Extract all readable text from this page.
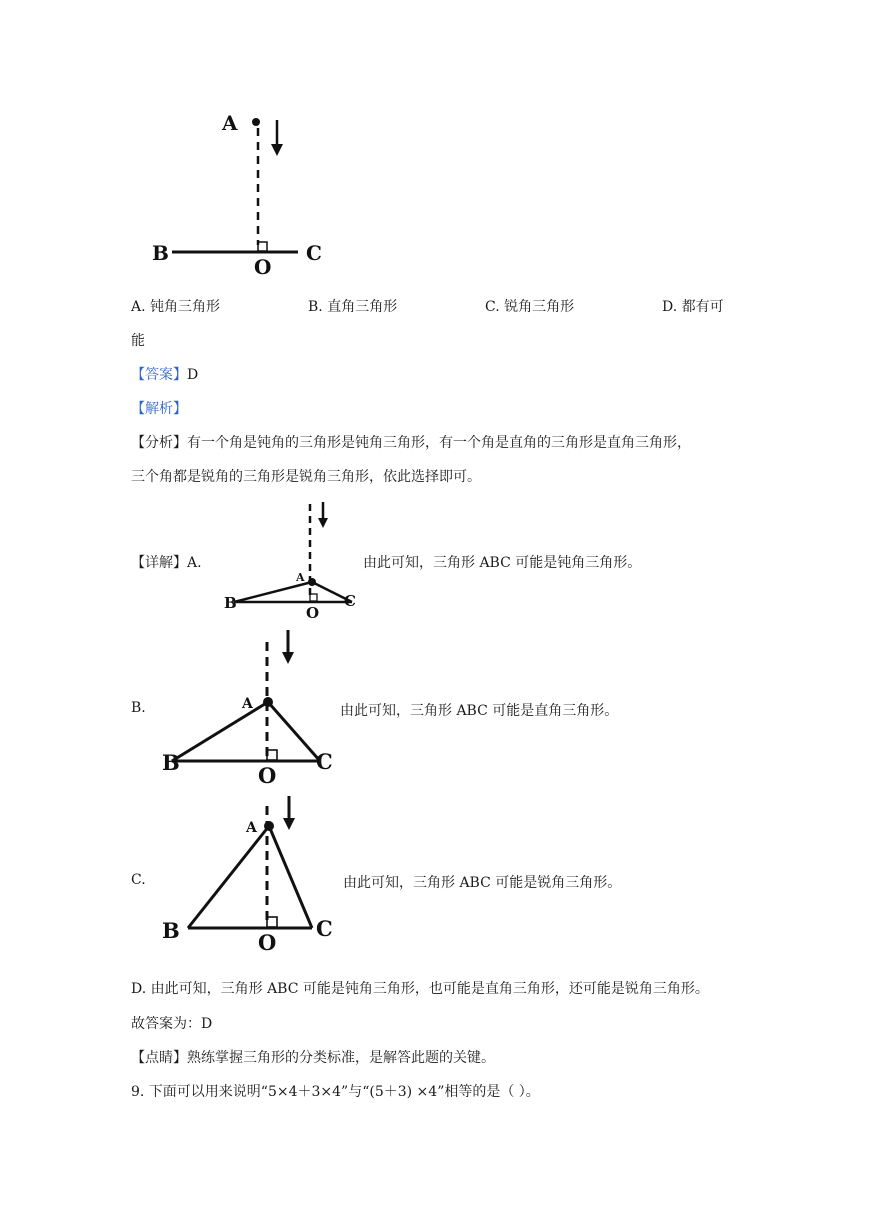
A
B	C
O
A. 钝角三角形	B. 直角三角形	C. 锐角三角形	D. 都有可
能
【答案】D
【解析】
【分析】有一个角是钝角的三角形是钝角三角形，有一个角是直角的三角形是直角三角形，
三个角都是锐角的三角形是锐角三角形，依此选择即可。
【详解】A.
A
B	C
O
由此可知，三角形 ABC 可能是钝角三角形。
B.	A
B	C
O
由此可知，三角形 ABC 可能是直角三角形。
C.
A
B	C
O
由此可知，三角形 ABC 可能是锐角三角形。
D. 由此可知，三角形 ABC 可能是钝角三角形，也可能是直角三角形，还可能是锐角三角形。
故答案为：D
【点睛】熟练掌握三角形的分类标准，是解答此题的关键。
9. 下面可以用来说明“5×4＋3×4”与“(5＋3) ×4”相等的是（ ）。
